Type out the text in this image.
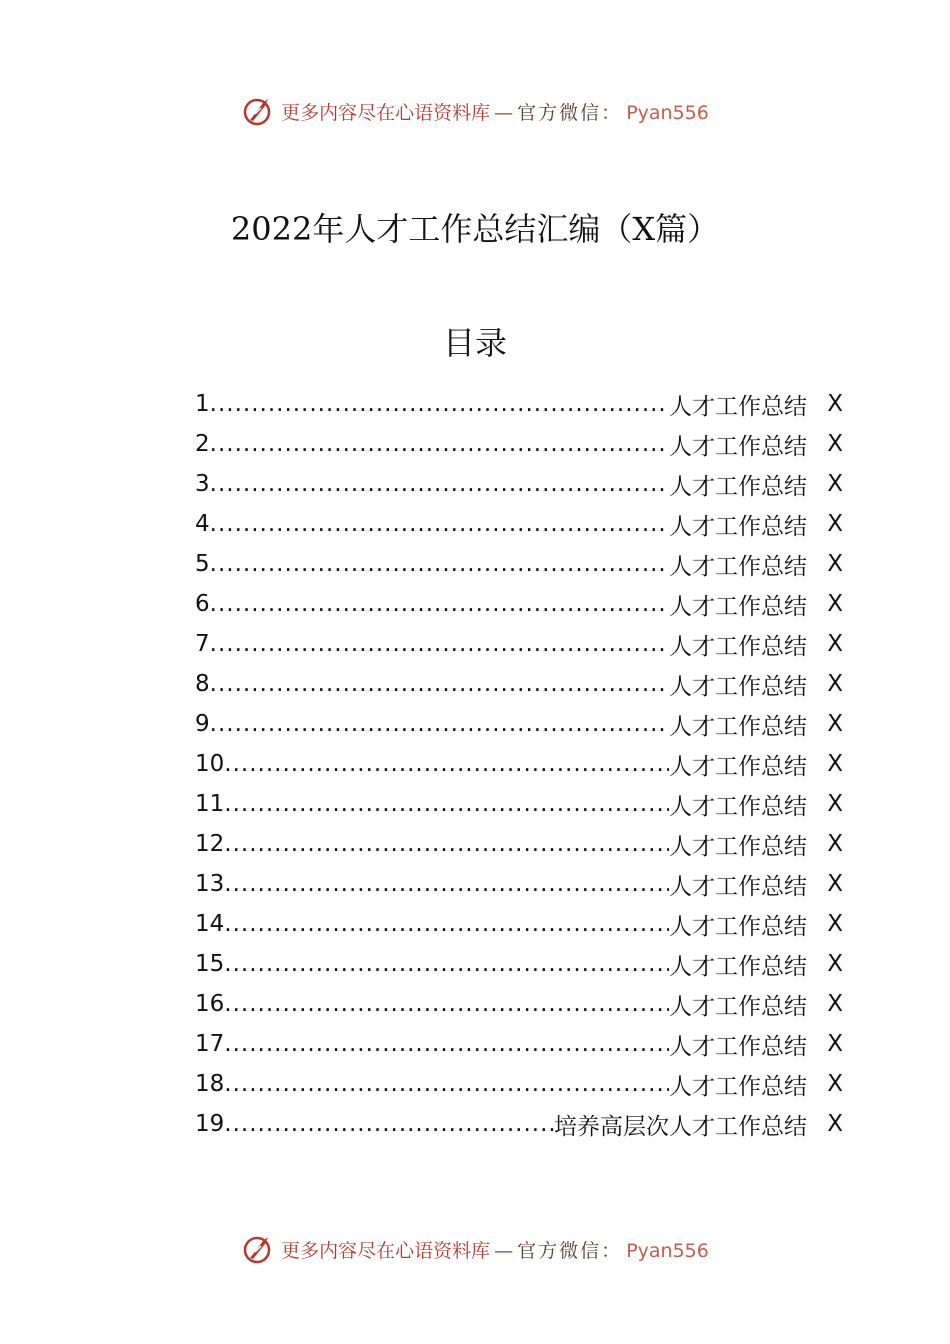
更多内容尽在心语资料库 — 官方微信： Pyan556
2022年人才工作总结汇编（X篇）
目录
1 .....	人才工作总结 X
2 .....	人才工作总结 X
3 .....	人才工作总结 X
4 .....	人才工作总结 X
5 .....	人才工作总结 X
6 .....	人才工作总结 X
7 .....	人才工作总结 X
8 .....	人才工作总结 X
9 .....	人才工作总结 X
10 .....	人才工作总结 X
11 .....	人才工作总结 X
12 .....	人才工作总结 X
13 .....	人才工作总结 X
14 .....	人才工作总结 X
15 .....	人才工作总结 X
16 .....	人才工作总结 X
17 .....	人才工作总结 X
18 .....	人才工作总结 X
19 .....	培养高层次人才工作总结 X
更多内容尽在心语资料库 — 官方微信： Pyan556
